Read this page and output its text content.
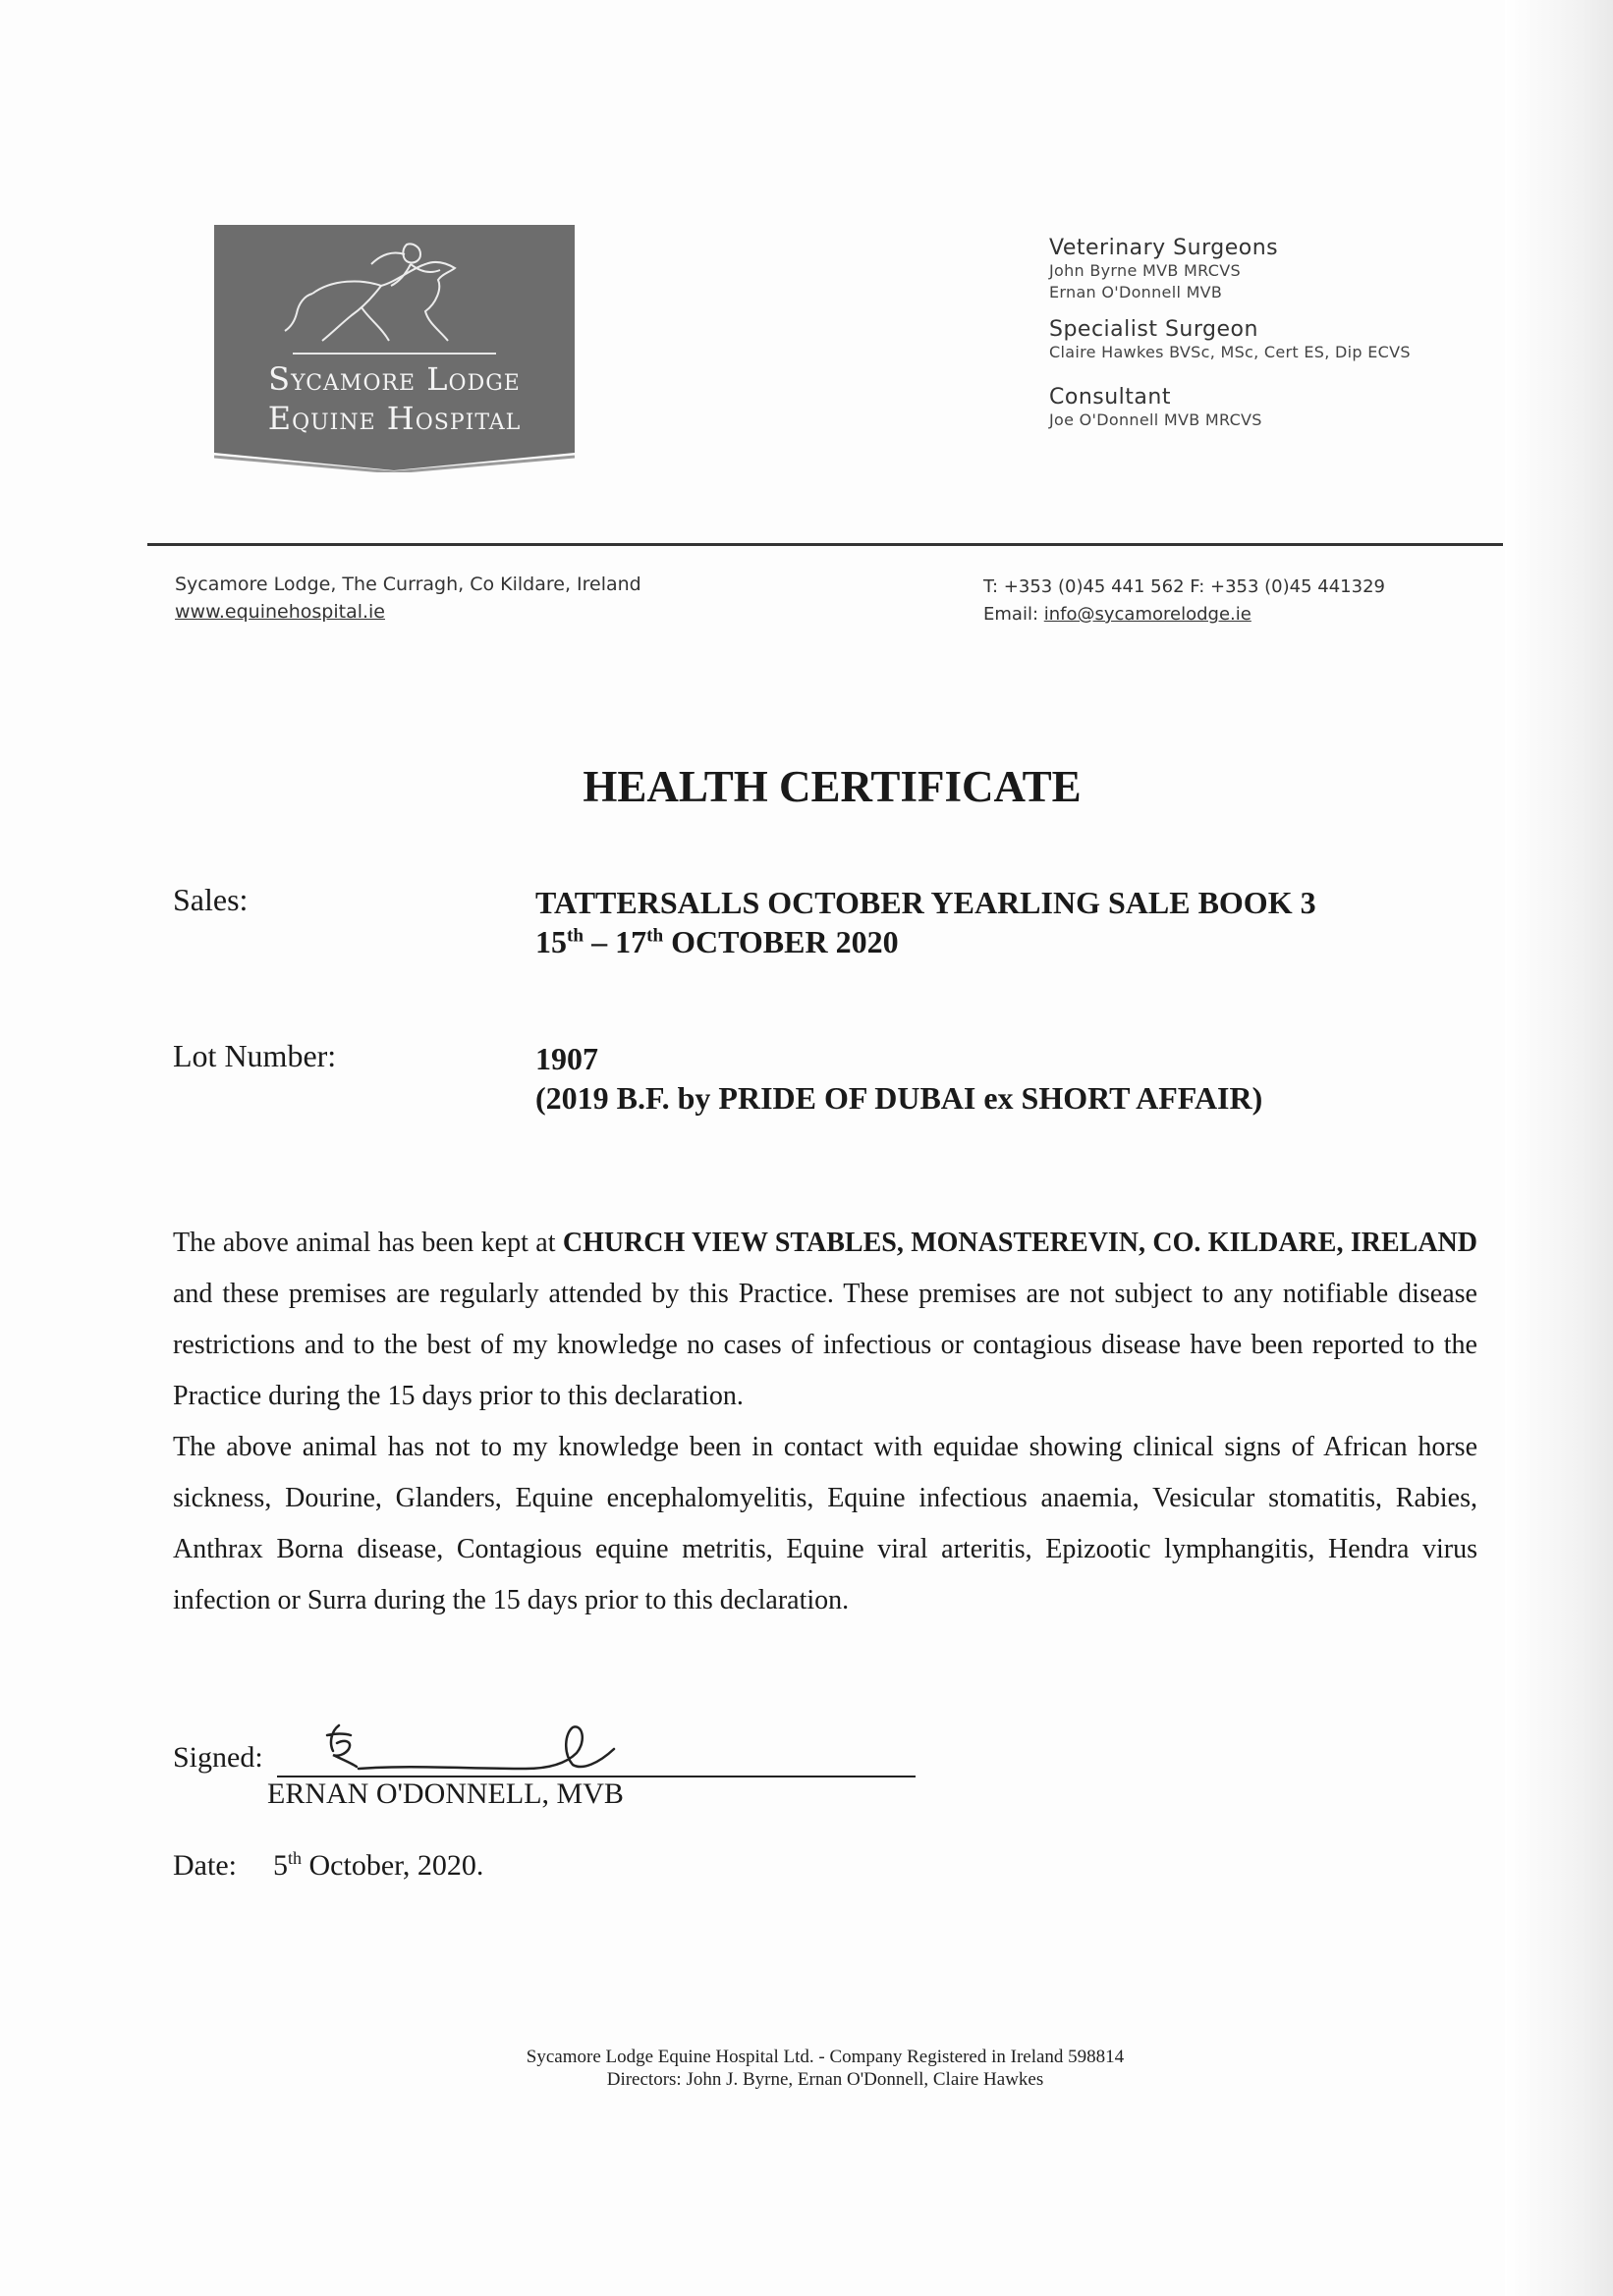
Sycamore Lodge
Equine Hospital
Veterinary Surgeons
John Byrne MVB MRCVS
Ernan O'Donnell MVB
Specialist Surgeon
Claire Hawkes BVSc, MSc, Cert ES, Dip ECVS
Consultant
Joe O'Donnell MVB MRCVS
Sycamore Lodge, The Curragh, Co Kildare, Ireland
www.equinehospital.ie
T: +353 (0)45 441 562 F: +353 (0)45 441329
Email: info@sycamorelodge.ie
HEALTH CERTIFICATE
Sales:	TATTERSALLS OCTOBER YEARLING SALE BOOK 3
15th – 17th OCTOBER 2020
Lot Number:	1907
(2019 B.F. by PRIDE OF DUBAI ex SHORT AFFAIR)

The above animal has been kept at CHURCH VIEW STABLES, MONASTEREVIN, CO. KILDARE, IRELAND and these premises are regularly attended by this Practice. These premises are not subject to any notifiable disease restrictions and to the best of my knowledge no cases of infectious or contagious disease have been reported to the Practice during the 15 days prior to this declaration.

The above animal has not to my knowledge been in contact with equidae showing clinical signs of African horse sickness, Dourine, Glanders, Equine encephalomyelitis, Equine infectious anaemia, Vesicular stomatitis, Rabies, Anthrax Borna disease, Contagious equine metritis, Equine viral arteritis, Epizootic lymphangitis, Hendra virus infection or Surra during the 15 days prior to this declaration.

Signed:
ERNAN O'DONNELL, MVB
Date: 5th October, 2020.
Sycamore Lodge Equine Hospital Ltd. - Company Registered in Ireland 598814
Directors: John J. Byrne, Ernan O'Donnell, Claire Hawkes
